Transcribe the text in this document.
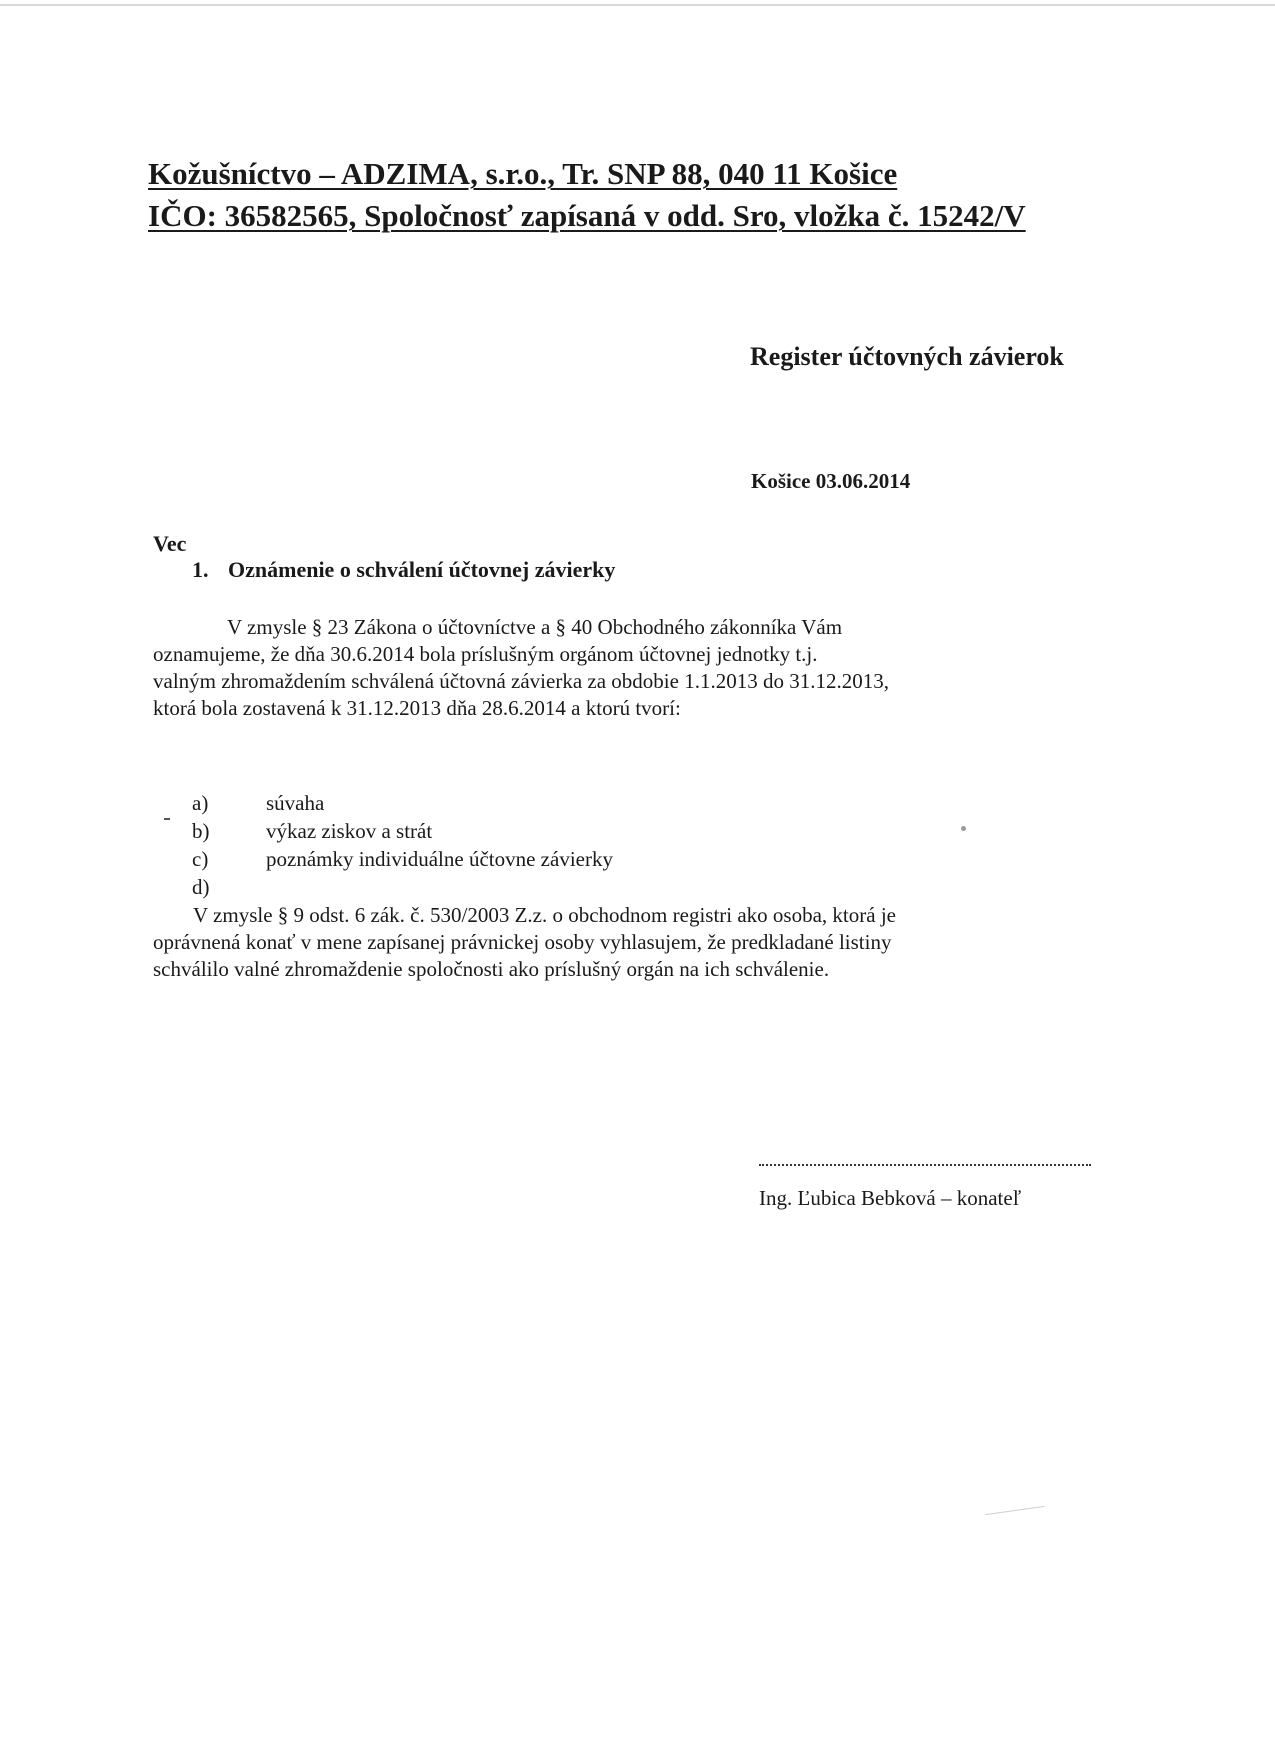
Kožušníctvo – ADZIMA, s.r.o., Tr. SNP 88, 040 11 Košice
IČO: 36582565, Spoločnosť zapísaná v odd. Sro, vložka č. 15242/V
Register účtovných závierok
Košice 03.06.2014
Vec
1. Oznámenie o schválení účtovnej závierky
V zmysle § 23 Zákona o účtovníctve a § 40 Obchodného zákonníka Vám
oznamujeme, že dňa 30.6.2014 bola príslušným orgánom účtovnej jednotky t.j.
valným zhromaždením schválená účtovná závierka za obdobie 1.1.2013 do 31.12.2013,
ktorá bola zostavená k 31.12.2013 dňa 28.6.2014 a ktorú tvorí:
a)	súvaha
b)	výkaz ziskov a strát
c)	poznámky individuálne účtovne závierky
d)
V zmysle § 9 odst. 6 zák. č. 530/2003 Z.z. o obchodnom registri ako osoba, ktorá je
oprávnená konať v mene zapísanej právnickej osoby vyhlasujem, že predkladané listiny
schválilo valné zhromaždenie spoločnosti ako príslušný orgán na ich schválenie.
Ing. Ľubica Bebková – konateľ
